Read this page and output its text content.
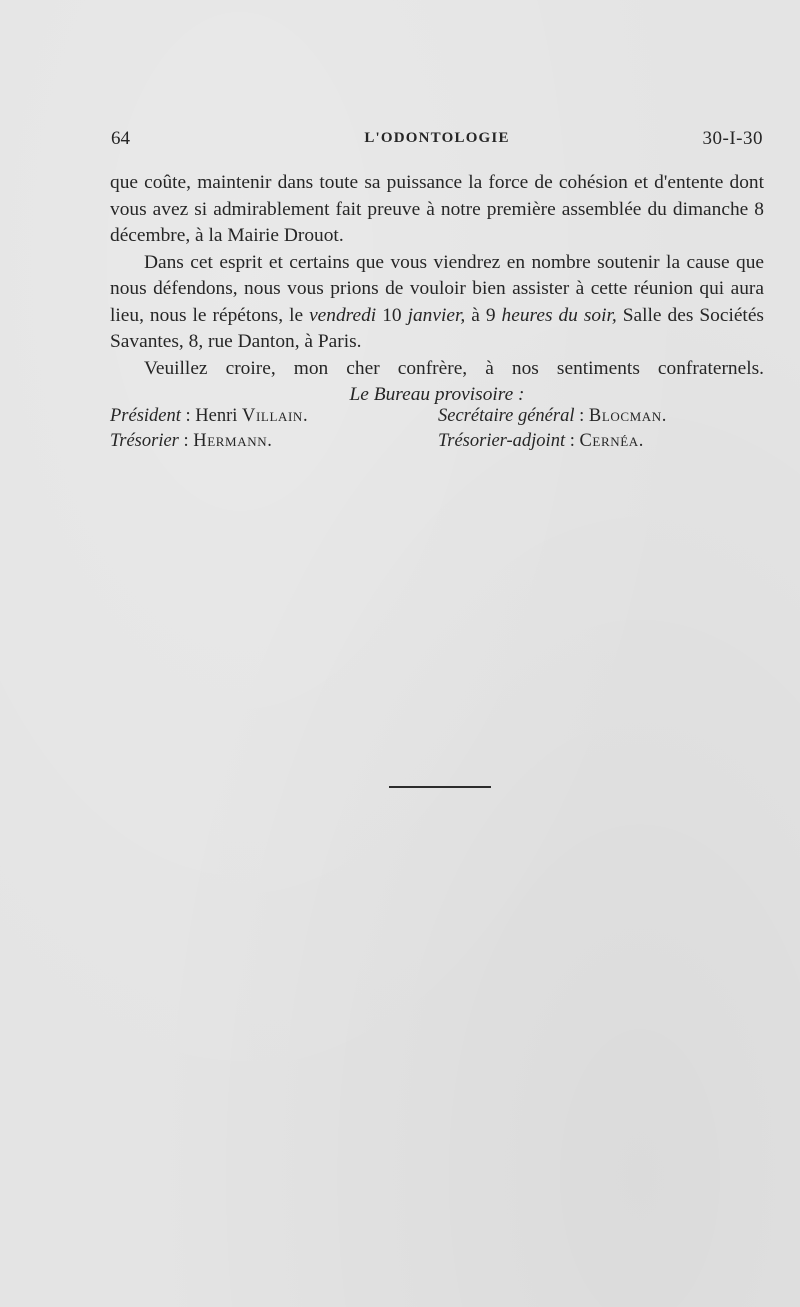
64	L'ODONTOLOGIE	30-I-30

que coûte, maintenir dans toute sa puissance la force de cohésion et d'entente dont vous avez si admirablement fait preuve à notre première assemblée du dimanche 8 décembre, à la Mairie Drouot.

Dans cet esprit et certains que vous viendrez en nombre soutenir la cause que nous défendons, nous vous prions de vouloir bien assister à cette réunion qui aura lieu, nous le répétons, le vendredi 10 janvier, à 9 heures du soir, Salle des Sociétés Savantes, 8, rue Danton, à Paris.

Veuillez croire, mon cher confrère, à nos sentiments confraternels.

Le Bureau provisoire :

Président : Henri Villain.	Secrétaire général : Blocman.
Trésorier : Hermann.	Trésorier-adjoint : Cernéa.
